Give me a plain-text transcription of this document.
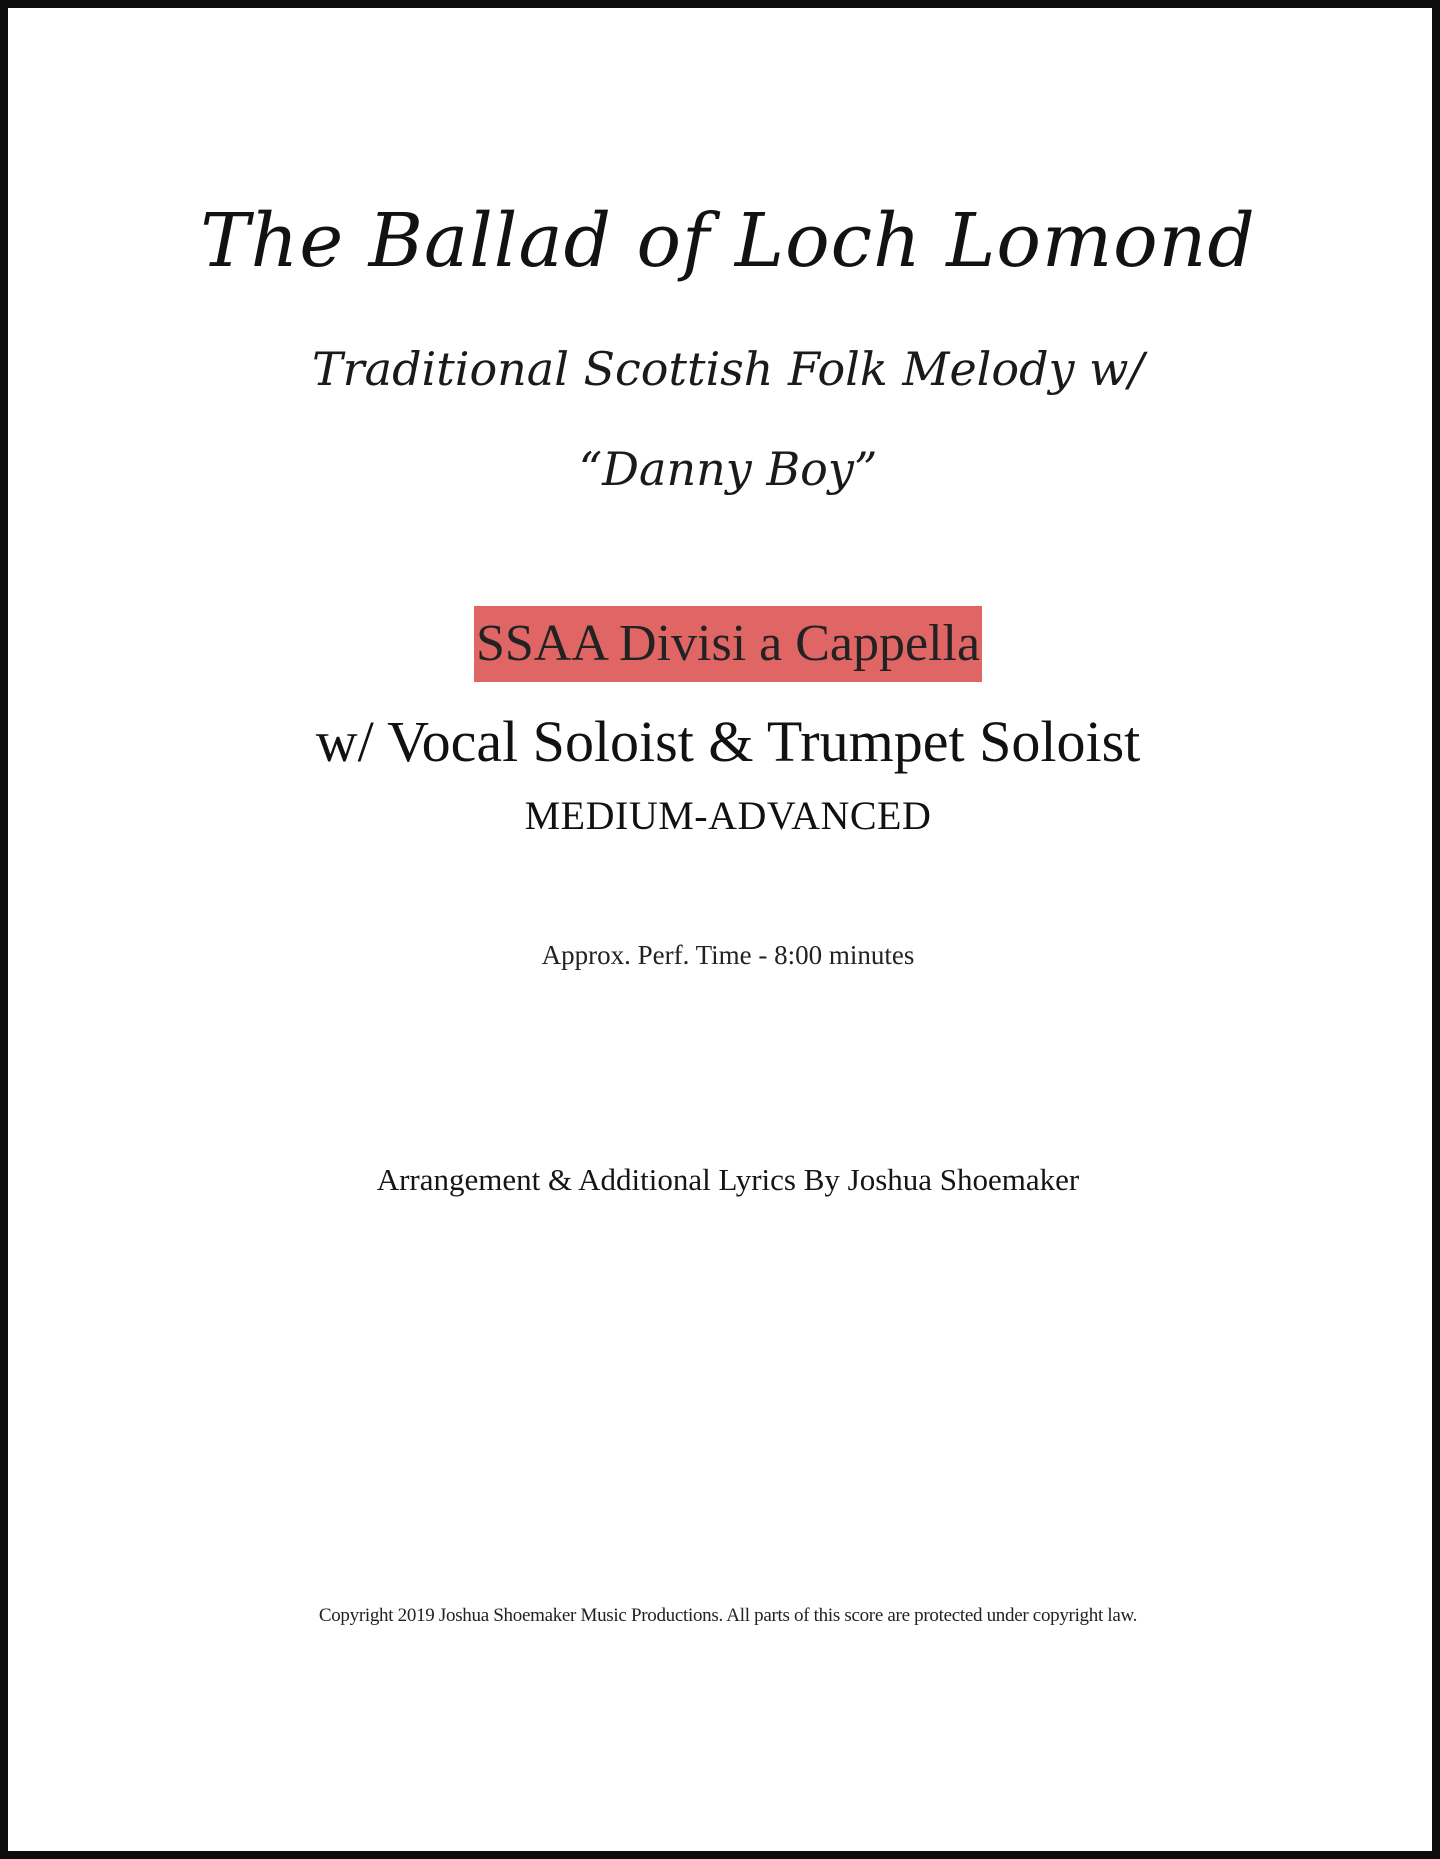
The Ballad of Loch Lomond
Traditional Scottish Folk Melody w/
“Danny Boy”
SSAA Divisi a Cappella
w/ Vocal Soloist & Trumpet Soloist
MEDIUM-ADVANCED
Approx. Perf. Time - 8:00 minutes
Arrangement & Additional Lyrics By Joshua Shoemaker
Copyright 2019 Joshua Shoemaker Music Productions. All parts of this score are protected under copyright law.
